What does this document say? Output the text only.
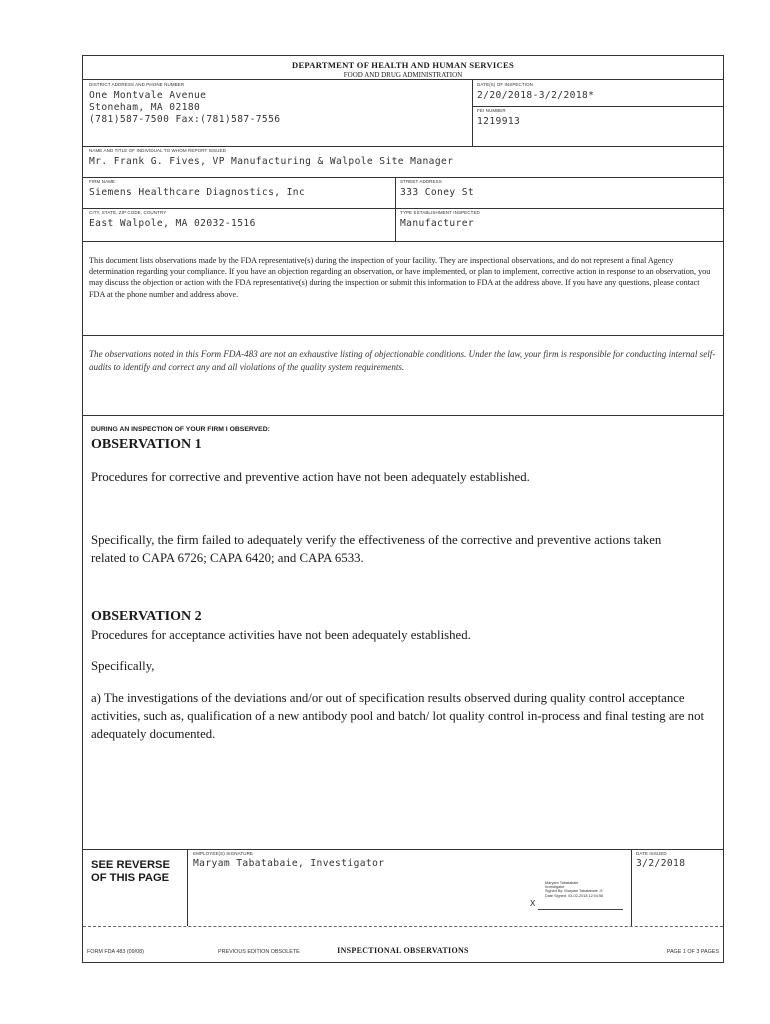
DEPARTMENT OF HEALTH AND HUMAN SERVICES
FOOD AND DRUG ADMINISTRATION
DISTRICT ADDRESS AND PHONE NUMBER
One Montvale Avenue
Stoneham, MA 02180
(781)587-7500 Fax:(781)587-7556
DATE(S) OF INSPECTION
2/20/2018-3/2/2018*
FEI NUMBER
1219913
NAME AND TITLE OF INDIVIDUAL TO WHOM REPORT ISSUED
Mr. Frank G. Fives, VP Manufacturing & Walpole Site Manager
FIRM NAME
Siemens Healthcare Diagnostics, Inc
STREET ADDRESS
333 Coney St
CITY, STATE, ZIP CODE, COUNTRY
East Walpole, MA 02032-1516
TYPE ESTABLISHMENT INSPECTED
Manufacturer
This document lists observations made by the FDA representative(s) during the inspection of your facility. They are inspectional observations, and do not represent a final Agency determination regarding your compliance. If you have an objection regarding an observation, or have implemented, or plan to implement, corrective action in response to an observation, you may discuss the objection or action with the FDA representative(s) during the inspection or submit this information to FDA at the address above. If you have any questions, please contact FDA at the phone number and address above.
The observations noted in this Form FDA-483 are not an exhaustive listing of objectionable conditions. Under the law, your firm is responsible for conducting internal self-audits to identify and correct any and all violations of the quality system requirements.
DURING AN INSPECTION OF YOUR FIRM I OBSERVED:
OBSERVATION 1
Procedures for corrective and preventive action have not been adequately established.
Specifically, the firm failed to adequately verify the effectiveness of the corrective and preventive actions taken related to CAPA 6726; CAPA 6420; and CAPA 6533.
OBSERVATION 2
Procedures for acceptance activities have not been adequately established.
Specifically,
a) The investigations of the deviations and/or out of specification results observed during quality control acceptance activities, such as, qualification of a new antibody pool and batch/ lot quality control in-process and final testing are not adequately documented.
SEE REVERSE
OF THIS PAGE
EMPLOYEE(S) SIGNATURE
Maryam Tabatabaie, Investigator
DATE ISSUED
3/2/2018
Maryam Tabatabaie
Investigator
Signed By: Maryam Tabatabaie -S
Date Signed: 03-02-2018 12:04:58
X
FORM FDA 483 (09/08)	PREVIOUS EDITION OBSOLETE	INSPECTIONAL OBSERVATIONS	PAGE 1 OF 3 PAGES
